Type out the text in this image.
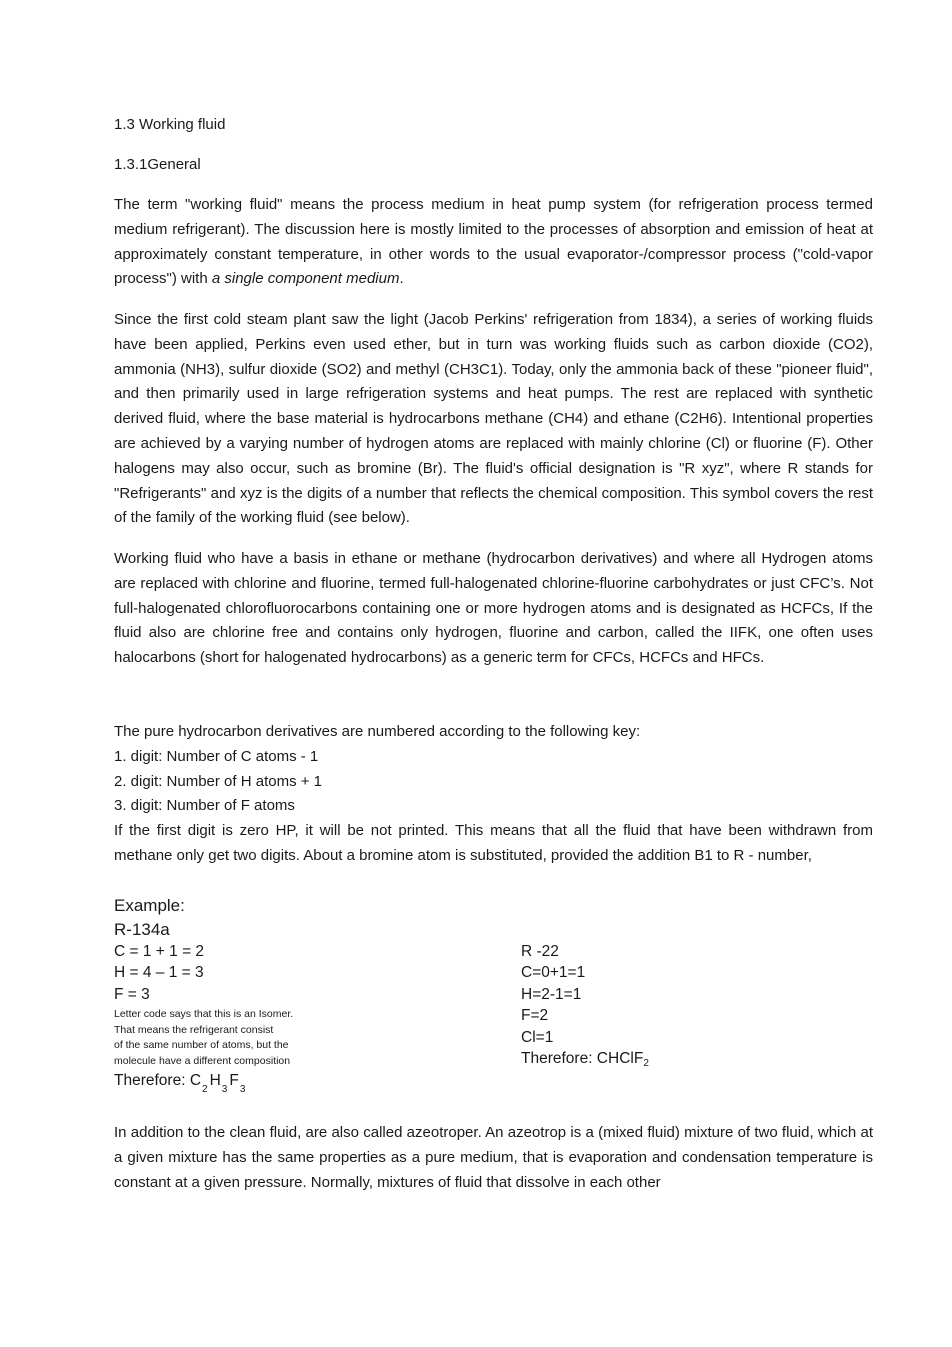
1.3 Working fluid
1.3.1General

The term "working fluid" means the process medium in heat pump system (for refrigeration process termed medium refrigerant). The discussion here is mostly limited to the processes of absorption and emission of heat at approximately constant temperature, in other words to the usual evaporator-/compressor process ("cold-vapor process") with a single component medium.

Since the first cold steam plant saw the light (Jacob Perkins' refrigeration from 1834), a series of working fluids have been applied, Perkins even used ether, but in turn was working fluids such as carbon dioxide (CO2), ammonia (NH3), sulfur dioxide (SO2) and methyl (CH3C1). Today, only the ammonia back of these "pioneer fluid", and then primarily used in large refrigeration systems and heat pumps. The rest are replaced with synthetic derived fluid, where the base material is hydrocarbons methane (CH4) and ethane (C2H6). Intentional properties are achieved by a varying number of hydrogen atoms are replaced with mainly chlorine (Cl) or fluorine (F). Other halogens may also occur, such as bromine (Br). The fluid's official designation is "R xyz", where R stands for "Refrigerants" and xyz is the digits of a number that reflects the chemical composition. This symbol covers the rest of the family of the working fluid (see below).

Working fluid who have a basis in ethane or methane (hydrocarbon derivatives) and where all Hydrogen atoms are replaced with chlorine and fluorine, termed full-halogenated chlorine-fluorine carbohydrates or just CFC’s. Not full-halogenated chlorofluorocarbons containing one or more hydrogen atoms and is designated as HCFCs, If the fluid also are chlorine free and contains only hydrogen, fluorine and carbon, called the IIFK, one often uses halocarbons (short for halogenated hydrocarbons) as a generic term for CFCs, HCFCs and HFCs.

The pure hydrocarbon derivatives are numbered according to the following key:
1. digit: Number of C atoms - 1
2. digit: Number of H atoms + 1
3. digit: Number of F atoms

If the first digit is zero HP, it will be not printed. This means that all the fluid that have been withdrawn from methane only get two digits. About a bromine atom is substituted, provided the addition B1 to R - number,

Example:
R-134a
C = 1 + 1 = 2
H = 4 – 1 = 3
F = 3
Letter code says that this is an Isomer.
That means the refrigerant consist
of the same number of atoms, but the
molecule have a different composition
Therefore: $C_2H_3F_3$
R -22
C=0+1=1
H=2-1=1
F=2
Cl=1
Therefore: CHClF$_2$

In addition to the clean fluid, are also called azeotroper. An azeotrop is a (mixed fluid) mixture of two fluid, which at a given mixture has the same properties as a pure medium, that is evaporation and condensation temperature is constant at a given pressure. Normally, mixtures of fluid that dissolve in each other
